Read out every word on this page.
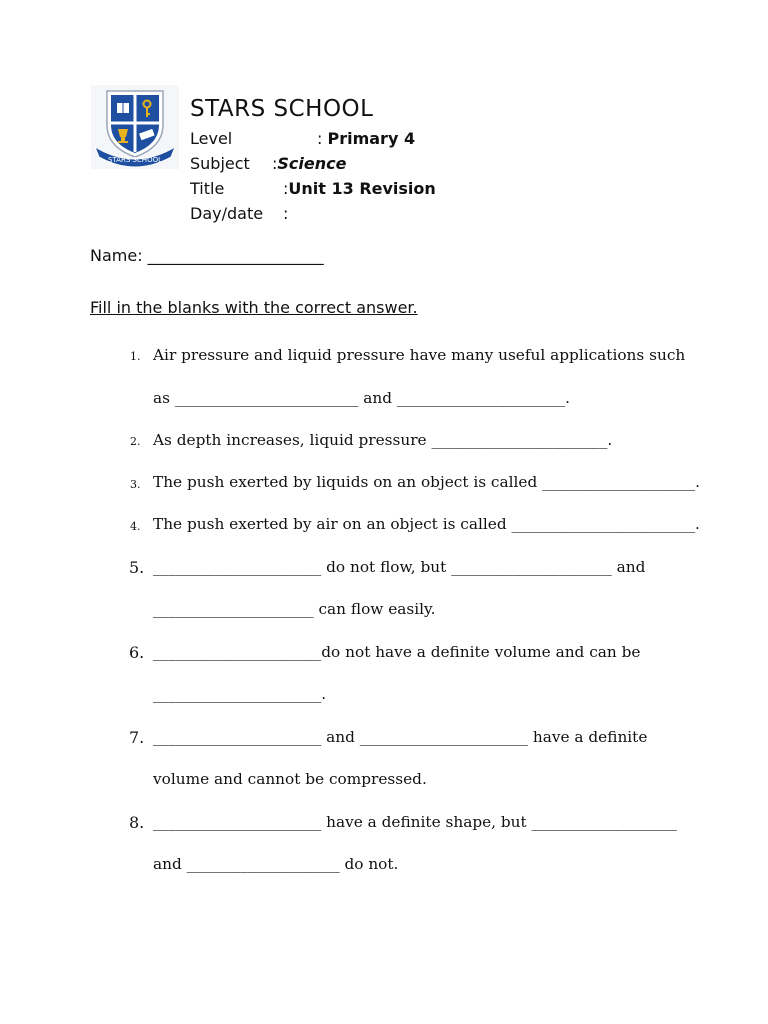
STARS SCHOOL
STARS SCHOOL
Level	: Primary 4
Subject :Science
Title	:Unit 13 Revision
Day/date :
Name: ______________________
Fill in the blanks with the correct answer.
1. Air pressure and liquid pressure have many useful applications such
as ________________________ and ______________________.
2. As depth increases, liquid pressure _______________________.
3. The push exerted by liquids on an object is called ____________________.
4. The push exerted by air on an object is called ________________________.
5. ______________________ do not flow, but _____________________ and
_____________________ can flow easily.
6. ______________________do not have a definite volume and can be
______________________.
7. ______________________ and ______________________ have a definite
volume and cannot be compressed.
8. ______________________ have a definite shape, but ___________________
and ____________________ do not.
